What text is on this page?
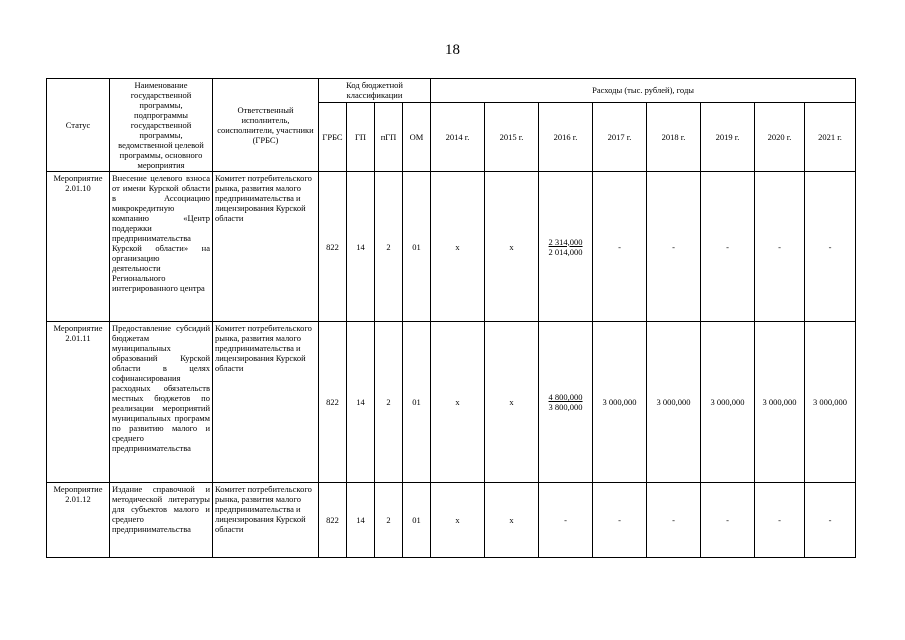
18
Статус	Наименование государственной программы, подпрограммы государственной программы, ведомственной целевой программы, основного мероприятия	Ответственный исполнитель, соисполнители, участники (ГРБС)	Код бюджетной классификации				Расходы (тыс. рублей), годы							
			ГРБС	ГП	пГП	ОМ	2014 г.	2015 г.	2016 г.	2017 г.	2018 г.	2019 г.	2020 г.	2021 г.
Мероприятие 2.01.10	Внесение целевого взноса от имени Курской области в Ассоциацию микрокредитную компанию «Центр поддержки предпринимательства Курской области» на организацию деятельности Регионального интегрированного центра	Комитет потребительского рынка, развития малого предпринимательства и лицензирования Курской области	822	14	2	01	х	х	2 314,000
2 014,000	-	-	-	-	-
Мероприятие 2.01.11	Предоставление субсидий бюджетам муниципальных образований Курской области в целях софинансирования расходных обязательств местных бюджетов по реализации мероприятий муниципальных программ по развитию малого и среднего предпринимательства	Комитет потребительского рынка, развития малого предпринимательства и лицензирования Курской области	822	14	2	01	х	х	4 800,000
3 800,000	3 000,000	3 000,000	3 000,000	3 000,000	3 000,000
Мероприятие 2.01.12	Издание справочной и методической литературы для субъектов малого и среднего предпринимательства	Комитет потребительского рынка, развития малого предпринимательства и лицензирования Курской области	822	14	2	01	х	х	-	-	-	-	-	-
